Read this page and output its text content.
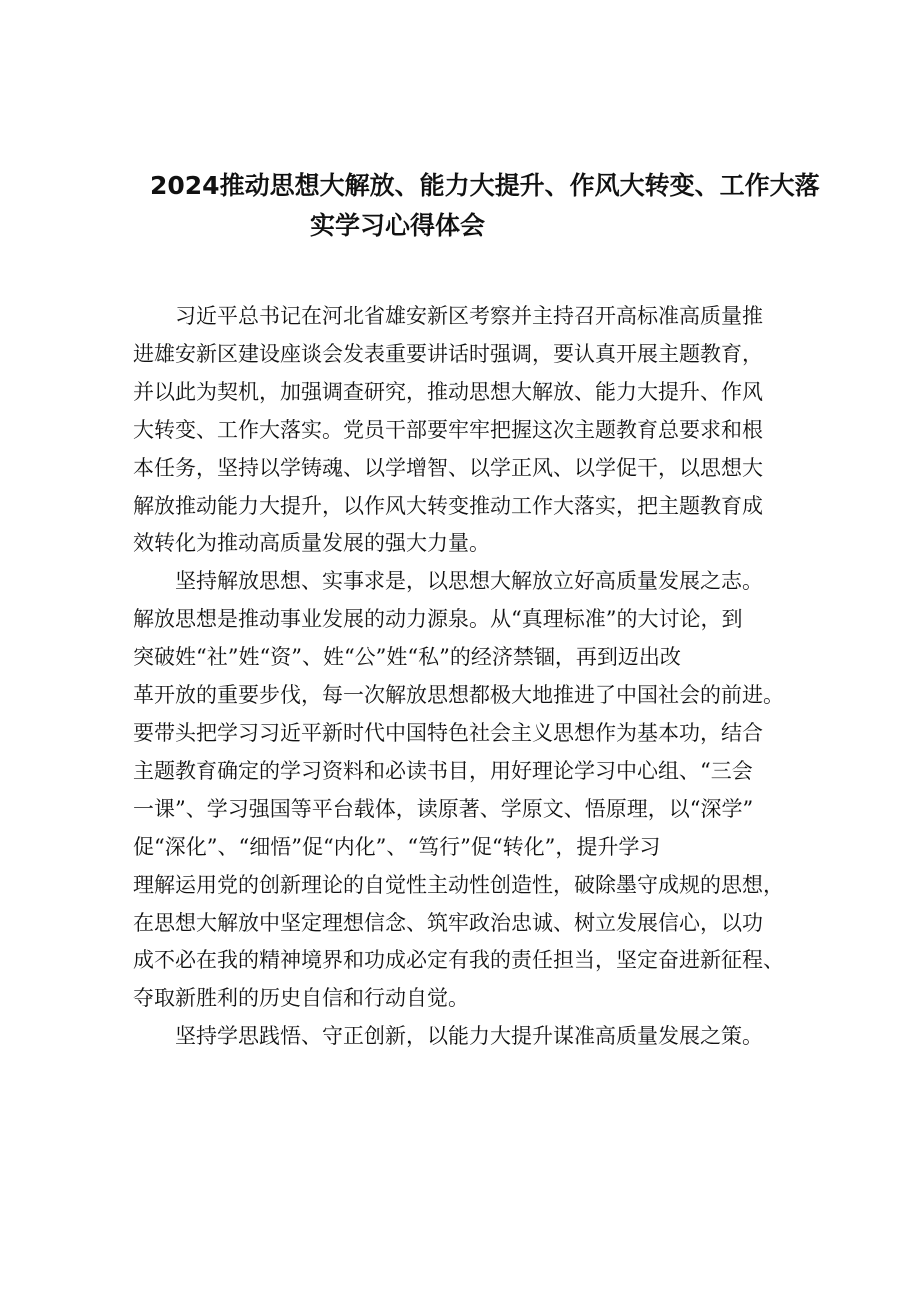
2024推动思想大解放、能力大提升、作风大转变、工作大落
实学习心得体会

　　习近平总书记在河北省雄安新区考察并主持召开高标准高质量推
进雄安新区建设座谈会发表重要讲话时强调，要认真开展主题教育，
并以此为契机，加强调查研究，推动思想大解放、能力大提升、作风
大转变、工作大落实。党员干部要牢牢把握这次主题教育总要求和根
本任务，坚持以学铸魂、以学增智、以学正风、以学促干，以思想大
解放推动能力大提升，以作风大转变推动工作大落实，把主题教育成
效转化为推动高质量发展的强大力量。

　　坚持解放思想、实事求是，以思想大解放立好高质量发展之志。
解放思想是推动事业发展的动力源泉。从“真理标准”的大讨论，到
突破姓“社”姓“资”、姓“公”姓“私”的经济禁锢，再到迈出改
革开放的重要步伐，每一次解放思想都极大地推进了中国社会的前进。
要带头把学习习近平新时代中国特色社会主义思想作为基本功，结合
主题教育确定的学习资料和必读书目，用好理论学习中心组、“三会
一课”、学习强国等平台载体，读原著、学原文、悟原理，以“深学”
促“深化”、“细悟”促“内化”、“笃行”促“转化”，提升学习
理解运用党的创新理论的自觉性主动性创造性，破除墨守成规的思想，
在思想大解放中坚定理想信念、筑牢政治忠诚、树立发展信心，以功
成不必在我的精神境界和功成必定有我的责任担当，坚定奋进新征程、
夺取新胜利的历史自信和行动自觉。

　　坚持学思践悟、守正创新，以能力大提升谋准高质量发展之策。
